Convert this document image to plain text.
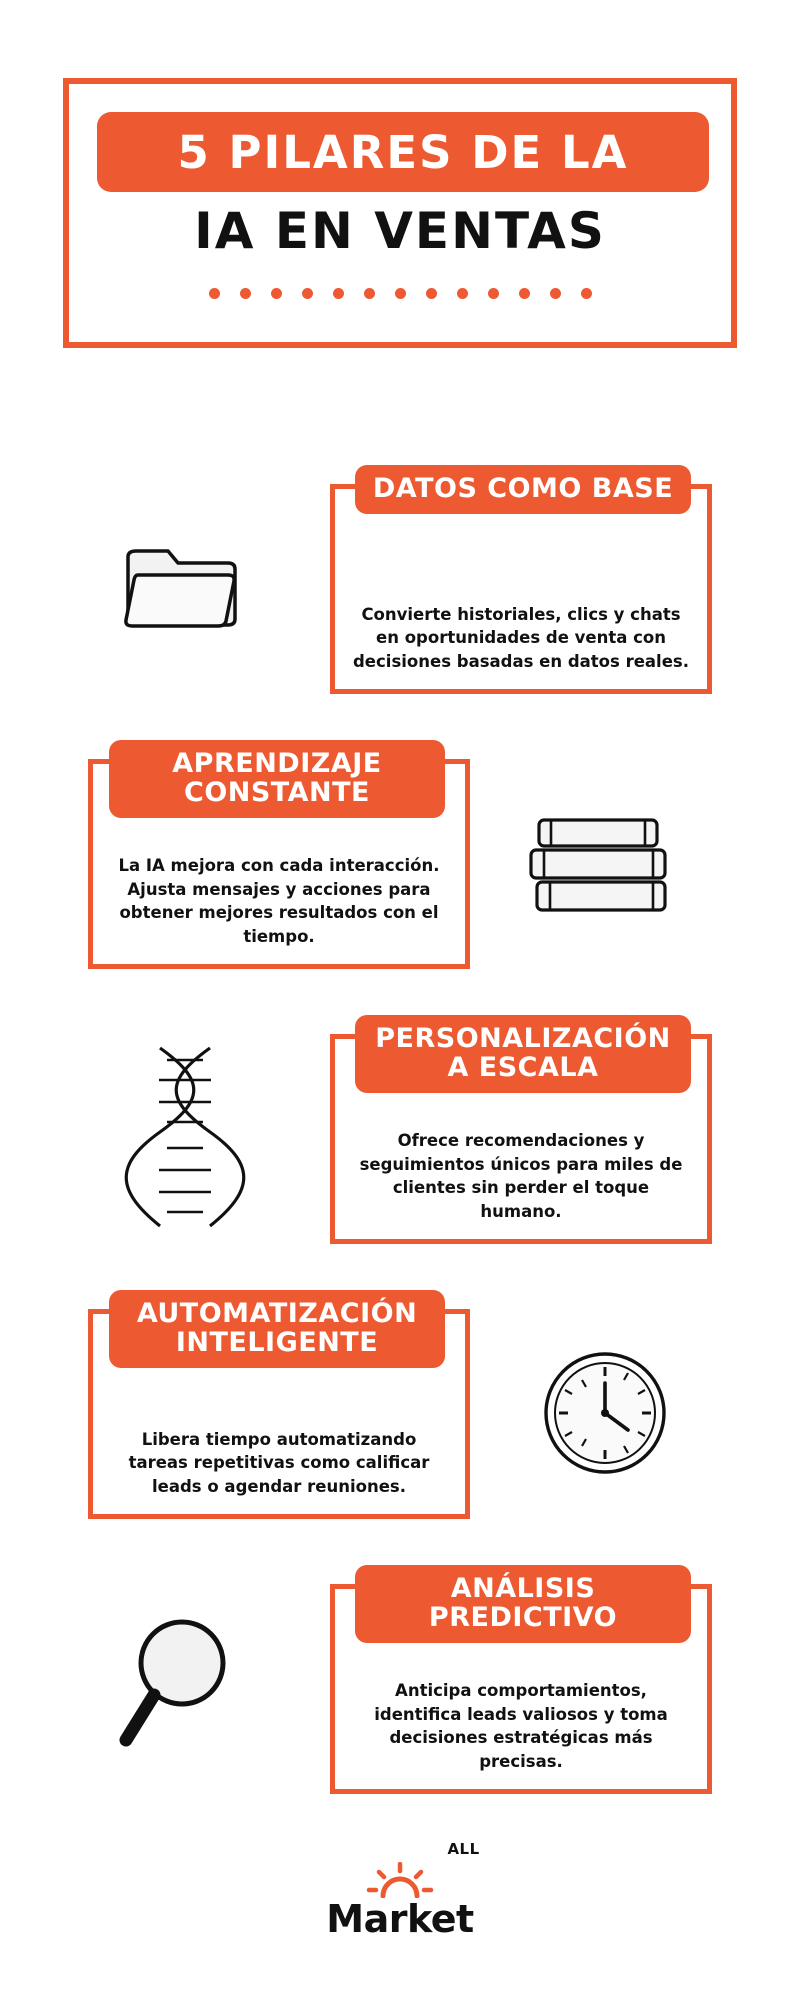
5 PILARES DE LA
IA EN VENTAS
DATOS COMO BASE
Convierte historiales, clics y chats en oportunidades de venta con decisiones basadas en datos reales.
APRENDIZAJE CONSTANTE
La IA mejora con cada interacción. Ajusta mensajes y acciones para obtener mejores resultados con el tiempo.
PERSONALIZACIÓN A ESCALA
Ofrece recomendaciones y seguimientos únicos para miles de clientes sin perder el toque humano.
AUTOMATIZACIÓN INTELIGENTE
Libera tiempo automatizando tareas repetitivas como calificar leads o agendar reuniones.
ANÁLISIS PREDICTIVO
Anticipa comportamientos, identifica leads valiosos y toma decisiones estratégicas más precisas.
Market
ALL
